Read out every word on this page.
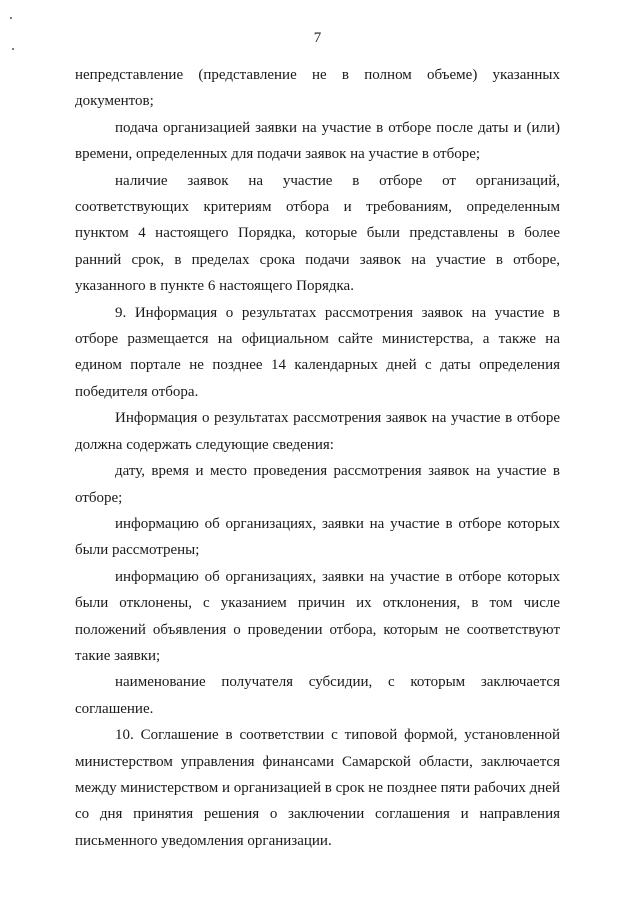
7

непредставление (представление не в полном объеме) указанных документов;

подача организацией заявки на участие в отборе после даты и (или) времени, определенных для подачи заявок на участие в отборе;

наличие заявок на участие в отборе от организаций, соответствующих критериям отбора и требованиям, определенным пунктом 4 настоящего Порядка, которые были представлены в более ранний срок, в пределах срока подачи заявок на участие в отборе, указанного в пункте 6 настоящего Порядка.

9. Информация о результатах рассмотрения заявок на участие в отборе размещается на официальном сайте министерства, а также на едином портале не позднее 14 календарных дней с даты определения победителя отбора.

Информация о результатах рассмотрения заявок на участие в отборе должна содержать следующие сведения:

дату, время и место проведения рассмотрения заявок на участие в отборе;

информацию об организациях, заявки на участие в отборе которых были рассмотрены;

информацию об организациях, заявки на участие в отборе которых были отклонены, с указанием причин их отклонения, в том числе положений объявления о проведении отбора, которым не соответствуют такие заявки;

наименование получателя субсидии, с которым заключается соглашение.

10. Соглашение в соответствии с типовой формой, установленной министерством управления финансами Самарской области, заключается между министерством и организацией в срок не позднее пяти рабочих дней со дня принятия решения о заключении соглашения и направления письменного уведомления организации.
